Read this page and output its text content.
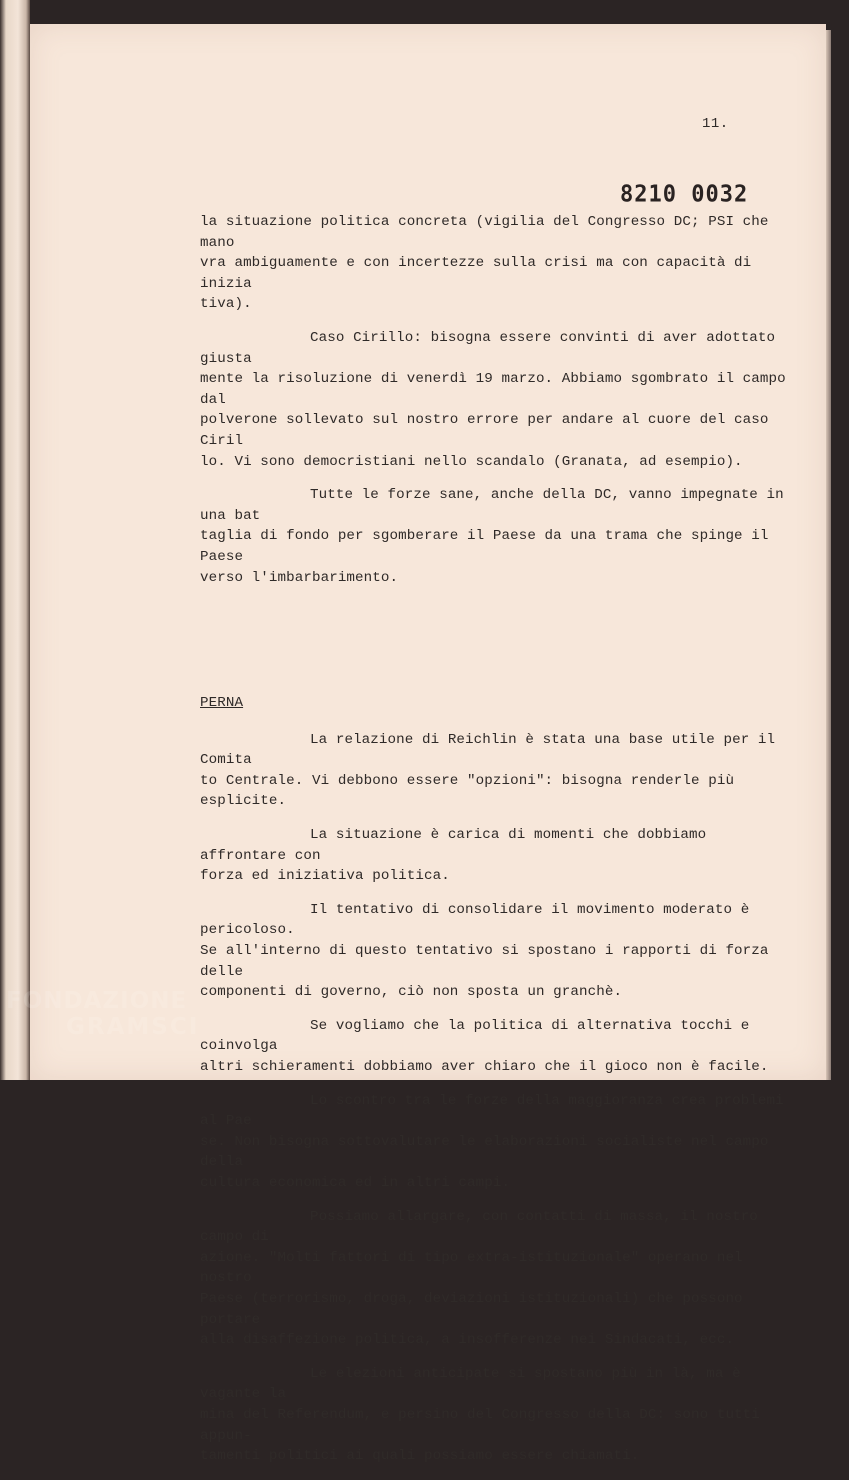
11.
8210 0032

la situazione politica concreta (vigilia del Congresso DC; PSI che mano
vra ambiguamente e con incertezze sulla crisi ma con capacità di inizia
tiva).

Caso Cirillo: bisogna essere convinti di aver adottato giusta
mente la risoluzione di venerdì 19 marzo. Abbiamo sgombrato il campo dal
polverone sollevato sul nostro errore per andare al cuore del caso Ciril
lo. Vi sono democristiani nello scandalo (Granata, ad esempio).

Tutte le forze sane, anche della DC, vanno impegnate in una bat
taglia di fondo per sgomberare il Paese da una trama che spinge il Paese
verso l'imbarbarimento.

PERNA

La relazione di Reichlin è stata una base utile per il Comita
to Centrale. Vi debbono essere "opzioni": bisogna renderle più esplicite.

La situazione è carica di momenti che dobbiamo affrontare con
forza ed iniziativa politica.

Il tentativo di consolidare il movimento moderato è pericoloso.
Se all'interno di questo tentativo si spostano i rapporti di forza delle
componenti di governo, ciò non sposta un granchè.

Se vogliamo che la politica di alternativa tocchi e coinvolga
altri schieramenti dobbiamo aver chiaro che il gioco non è facile.

Lo scontro tra le forze della maggioranza crea problemi al Pae
se. Non bisogna sottovalutare le elaborazioni socialiste nel campo della
cultura economica ed in altri campi.

Possiamo allargare, con contatti di massa, il nostro campo di
azione. "Molti fattori di tipo extra-istituzionale" operano nel nostro
Paese (terrorismo, droga, deviazioni istituzionali) che possono portare
alla disaffezione politica, a insofferenze nei Sindacati, ecc.

Le elezioni anticipate si spostano più in là, ma è vagante la
mina del Referendum, e persino del Congresso della DC: sono tutti appun-
tamenti politici ai quali possiamo essere chiamati.

FONDAZIONE
GRAMSCI
